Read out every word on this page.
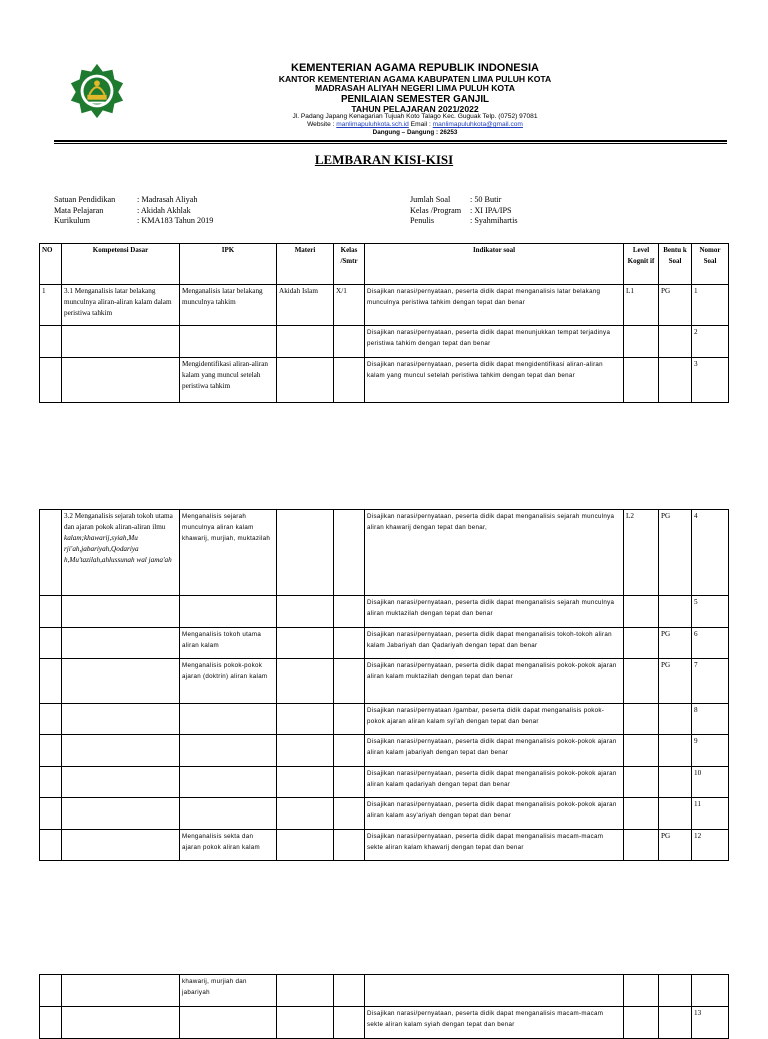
KEMENTERIAN AGAMA REPUBLIK INDONESIA
KANTOR KEMENTERIAN AGAMA KABUPATEN LIMA PULUH KOTA
MADRASAH ALIYAH NEGERI LIMA PULUH KOTA
PENILAIAN SEMESTER GANJIL
TAHUN PELAJARAN 2021/2022
Jl. Padang Japang Kenagarian Tujuah Koto Talago Kec. Guguak Telp. (0752) 97081
Website : manlimapuluhkota.sch.id Email : manlimapuluhkota@gmail.com
Dangung – Dangung : 26253
LEMBARAN KISI-KISI
Satuan Pendidikan	: Madrasah Aliyah
Mata Pelajaran	: Akidah Akhlak
Kurikulum	: KMA183 Tahun 2019
Jumlah Soal	: 50 Butir
Kelas /Program	: XI IPA/IPS
Penulis	: Syahmihartis
NO	Kompetensi Dasar	IPK	Materi	Kelas /Smtr	Indikator soal	Level Kognit if	Bentu k Soal	Nomor Soal
1	3.1 Menganalisis latar belakang munculnya aliran-aliran kalam dalam peristiwa tahkim	Menganalisis latar belakang munculnya tahkim	Akidah Islam	X/1	Disajikan narasi/pernyataan, peserta didik dapat menganalisis latar belakang munculnya peristiwa tahkim dengan tepat dan benar	L1	PG	1
					Disajikan narasi/pernyataan, peserta didik dapat menunjukkan tempat terjadinya peristiwa tahkim dengan tepat dan benar			2
		Mengidentifikasi aliran-aliran kalam yang muncul setelah peristiwa tahkim			Disajikan narasi/pernyataan, peserta didik dapat mengidentifikasi aliran-aliran kalam yang muncul setelah peristiwa tahkim dengan tepat dan benar			3
	3.2 Menganalisis sejarah tokoh utama dan ajaran pokok aliran-aliran ilmu kalam;khawarij,syiah,Mu rji'ah,jabariyah,Qodariya h,Mu'tazilah,ahlussunah wal jama'ah	Menganalisis sejarah munculnya aliran kalam khawarij, murjiah, muktazilah			Disajikan narasi/pernyataan, peserta didik dapat menganalisis sejarah munculnya aliran khawarij dengan tepat dan benar,	L2	PG	4
					Disajikan narasi/pernyataan, peserta didik dapat menganalisis sejarah munculnya aliran muktazilah dengan tepat dan benar			5
		Menganalisis tokoh utama aliran kalam			Disajikan narasi/pernyataan, peserta didik dapat menganalisis tokoh-tokoh aliran kalam Jabariyah dan Qadariyah dengan tepat dan benar		PG	6
		Menganalisis pokok-pokok ajaran (doktrin) aliran kalam			Disajikan narasi/pernyataan, peserta didik dapat menganalisis pokok-pokok ajaran aliran kalam muktazilah dengan tepat dan benar		PG	7
					Disajikan narasi/pernyataan /gambar, peserta didik dapat menganalisis pokok-pokok ajaran aliran kalam syi'ah dengan tepat dan benar			8
					Disajikan narasi/pernyataan, peserta didik dapat menganalisis pokok-pokok ajaran aliran kalam jabariyah dengan tepat dan benar			9
					Disajikan narasi/pernyataan, peserta didik dapat menganalisis pokok-pokok ajaran aliran kalam qadariyah dengan tepat dan benar			10
					Disajikan narasi/pernyataan, peserta didik dapat menganalisis pokok-pokok ajaran aliran kalam asy'ariyah dengan tepat dan benar			11
		Menganalisis sekta dan ajaran pokok aliran kalam			Disajikan narasi/pernyataan, peserta didik dapat menganalisis macam-macam sekte aliran kalam khawarij dengan tepat dan benar		PG	12
		khawarij, murjiah dan jabariyah						
					Disajikan narasi/pernyataan, peserta didik dapat menganalisis macam-macam sekte aliran kalam syiah dengan tepat dan benar			13
